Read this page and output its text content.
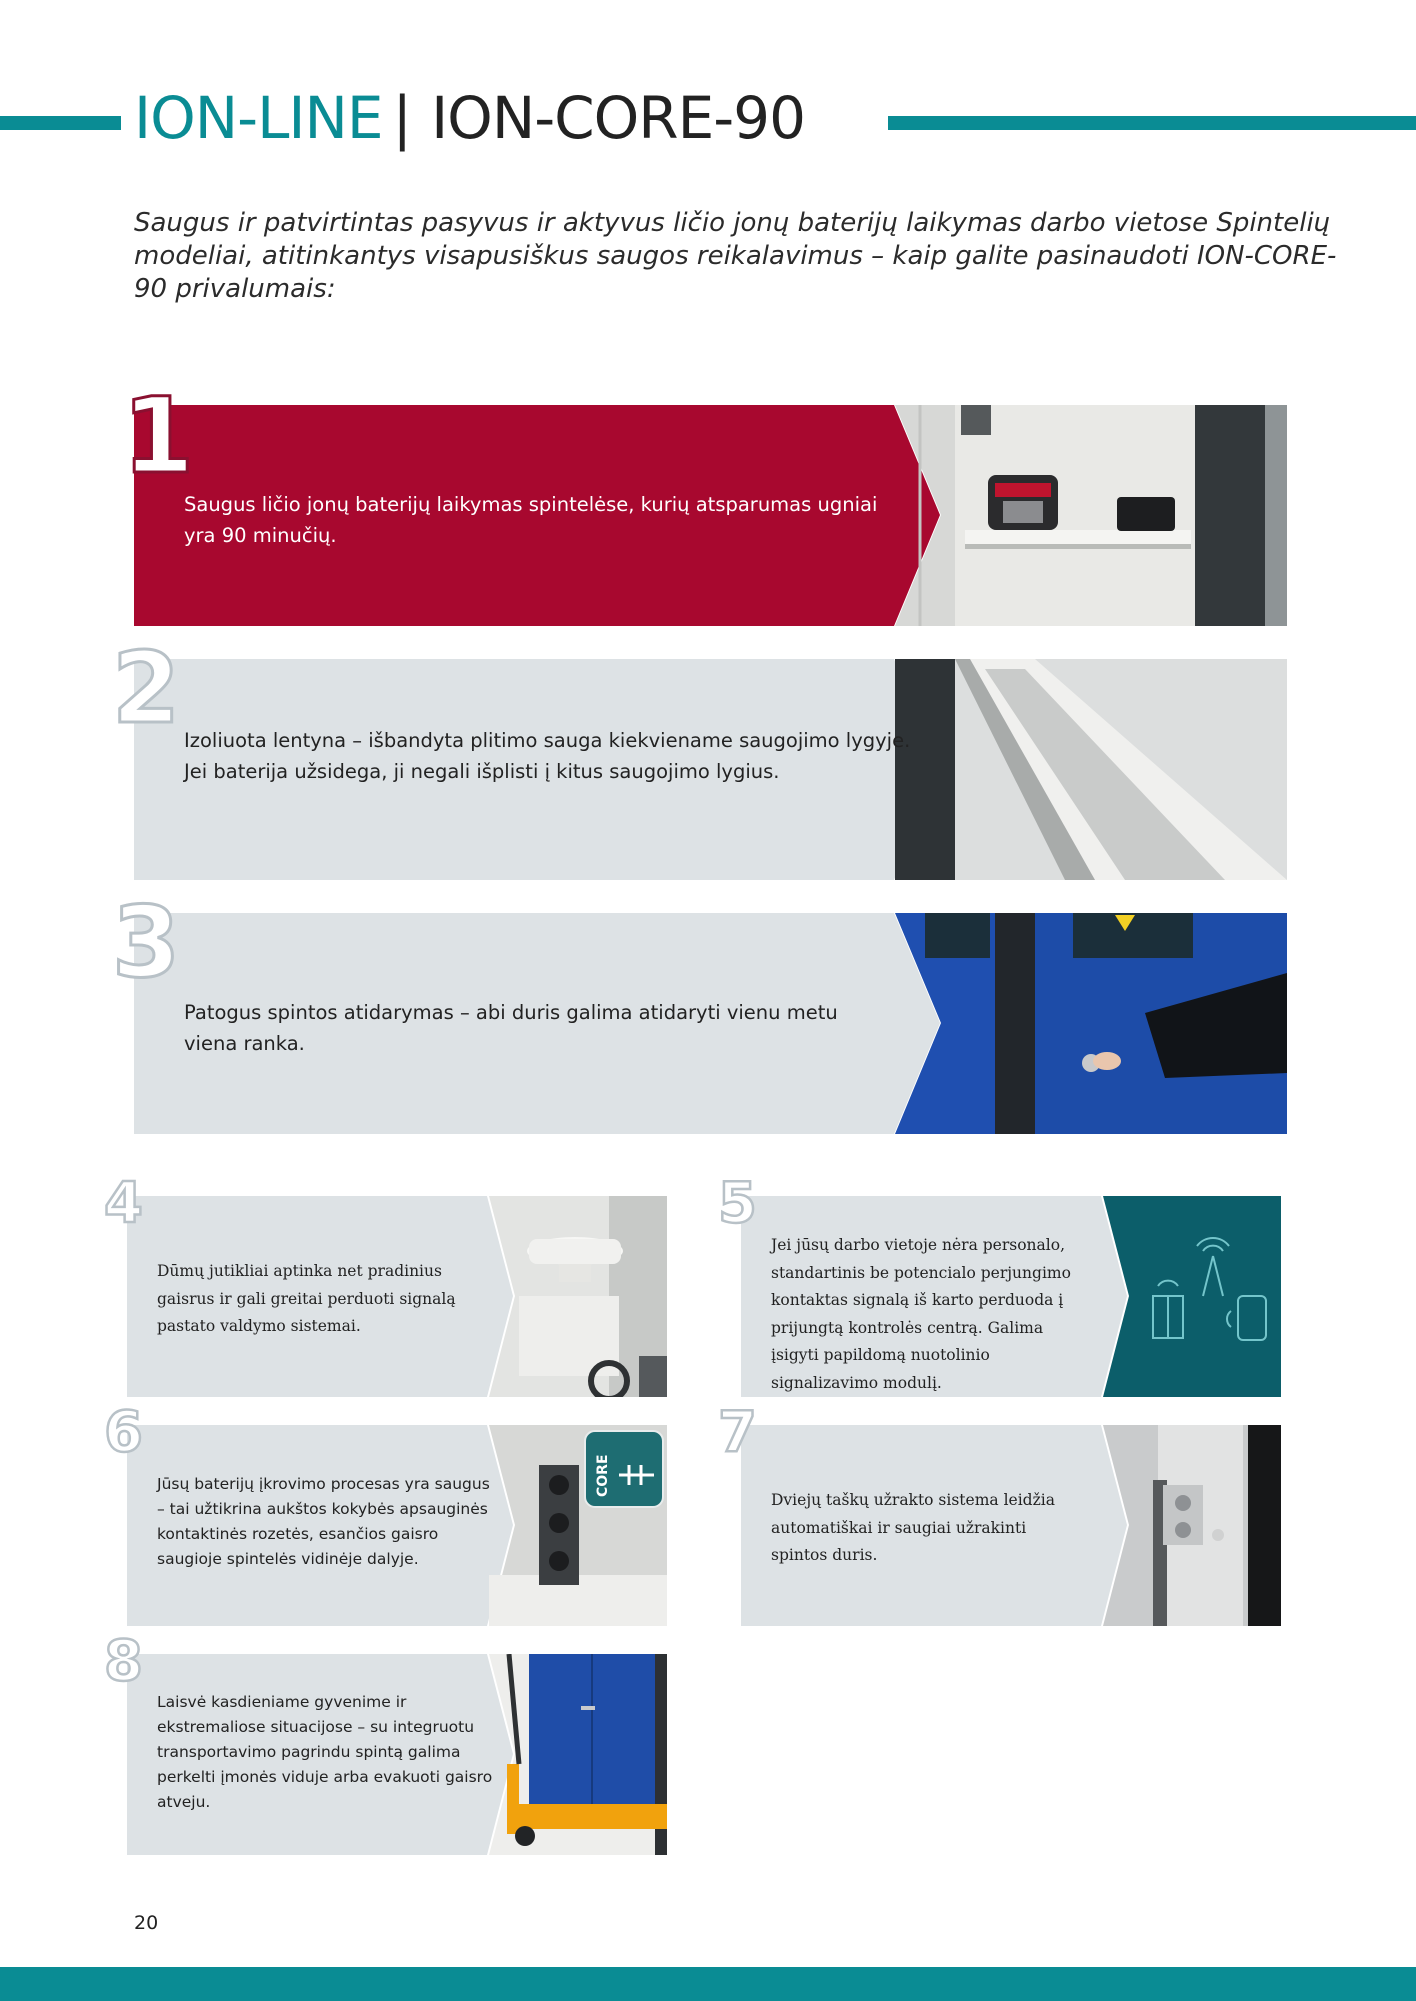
ION-LINE | ION-CORE-90
Saugus ir patvirtintas pasyvus ir aktyvus ličio jonų baterijų laikymas darbo vietose Spintelių modeliai, atitinkantys visapusiškus saugos reikalavimus – kaip galite pasinaudoti ION-CORE-90 privalumais:
Saugus ličio jonų baterijų laikymas spintelėse, kurių atsparumas ugniai yra 90 minučių.
1
Izoliuota lentyna – išbandyta plitimo sauga kiekviename saugojimo lygyje. Jei baterija užsidega, ji negali išplisti į kitus saugojimo lygius.
2
Patogus spintos atidarymas – abi duris galima atidaryti vienu metu viena ranka.
3
Dūmų jutikliai aptinka net pradinius gaisrus ir gali greitai perduoti signalą pastato valdymo sistemai.
4
Jei jūsų darbo vietoje nėra personalo, standartinis be potencialo perjungimo kontaktas signalą iš karto perduoda į prijungtą kontrolės centrą. Galima įsigyti papildomą nuotolinio signalizavimo modulį.
5
CORE
Jūsų baterijų įkrovimo procesas yra saugus – tai užtikrina aukštos kokybės apsauginės kontaktinės rozetės, esančios gaisro saugioje spintelės vidinėje dalyje.
6
Dviejų taškų užrakto sistema leidžia automatiškai ir saugiai užrakinti spintos duris.
7
Laisvė kasdieniame gyvenime ir ekstremaliose situacijose – su integruotu transportavimo pagrindu spintą galima perkelti įmonės viduje arba evakuoti gaisro atveju.
8
20
